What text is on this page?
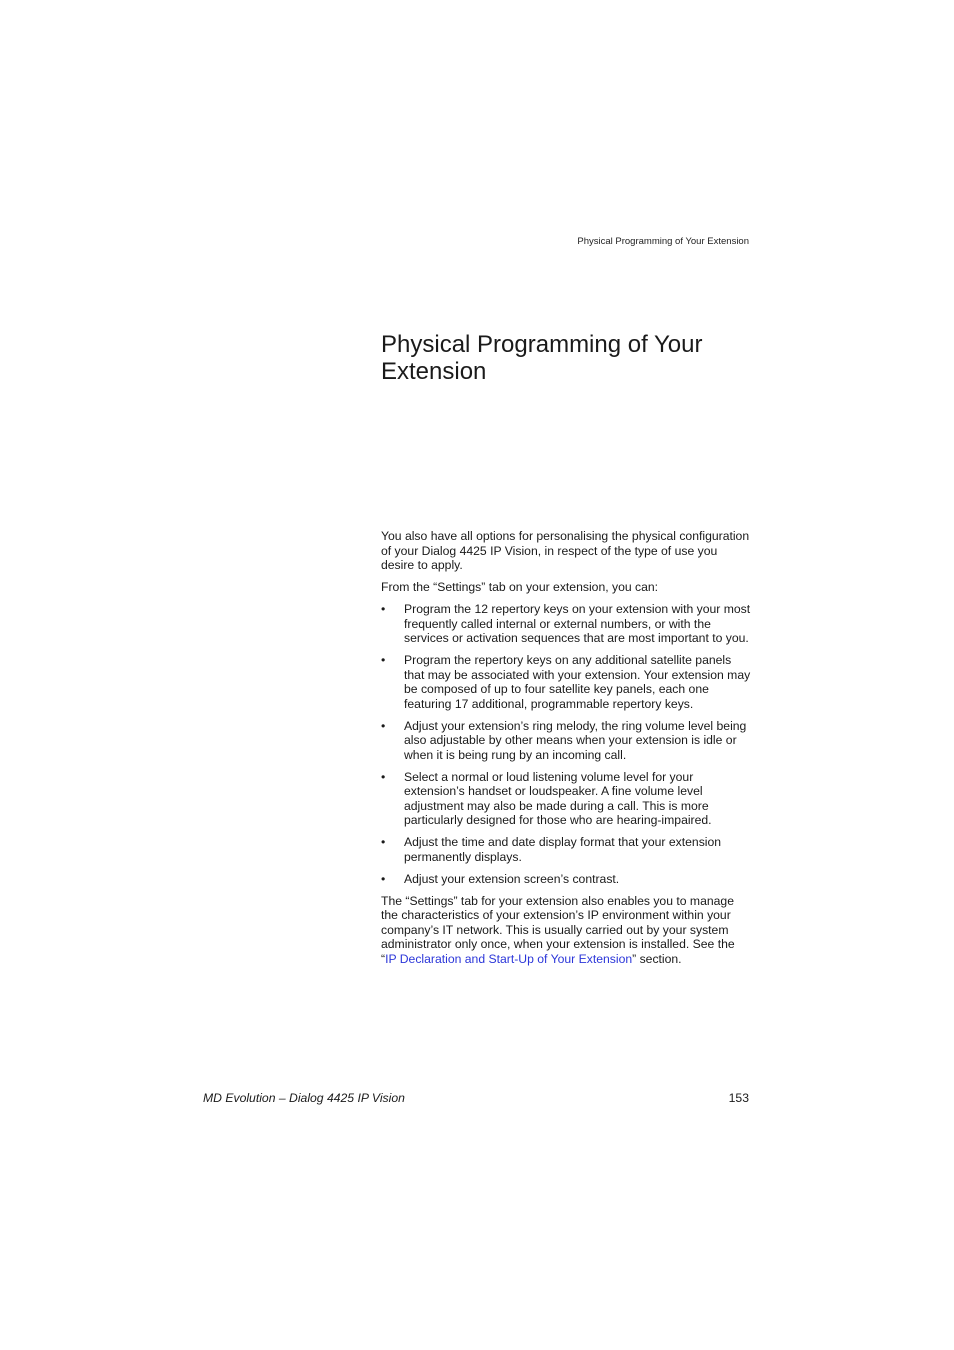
Physical Programming of Your Extension
Physical Programming of Your Extension

You also have all options for personalising the physical configuration of your Dialog 4425 IP Vision, in respect of the type of use you desire to apply.

From the “Settings” tab on your extension, you can:

• Program the 12 repertory keys on your extension with your most frequently called internal or external numbers, or with the services or activation sequences that are most important to you.
• Program the repertory keys on any additional satellite panels that may be associated with your extension. Your extension may be composed of up to four satellite key panels, each one featuring 17 additional, programmable repertory keys.
• Adjust your extension’s ring melody, the ring volume level being also adjustable by other means when your extension is idle or when it is being rung by an incoming call.
• Select a normal or loud listening volume level for your extension’s handset or loudspeaker. A fine volume level adjustment may also be made during a call. This is more particularly designed for those who are hearing-impaired.
• Adjust the time and date display format that your extension permanently displays.
• Adjust your extension screen’s contrast.

The “Settings” tab for your extension also enables you to manage the characteristics of your extension’s IP environment within your company’s IT network. This is usually carried out by your system administrator only once, when your extension is installed. See the “IP Declaration and Start-Up of Your Extension” section.

MD Evolution – Dialog 4425 IP Vision	153
